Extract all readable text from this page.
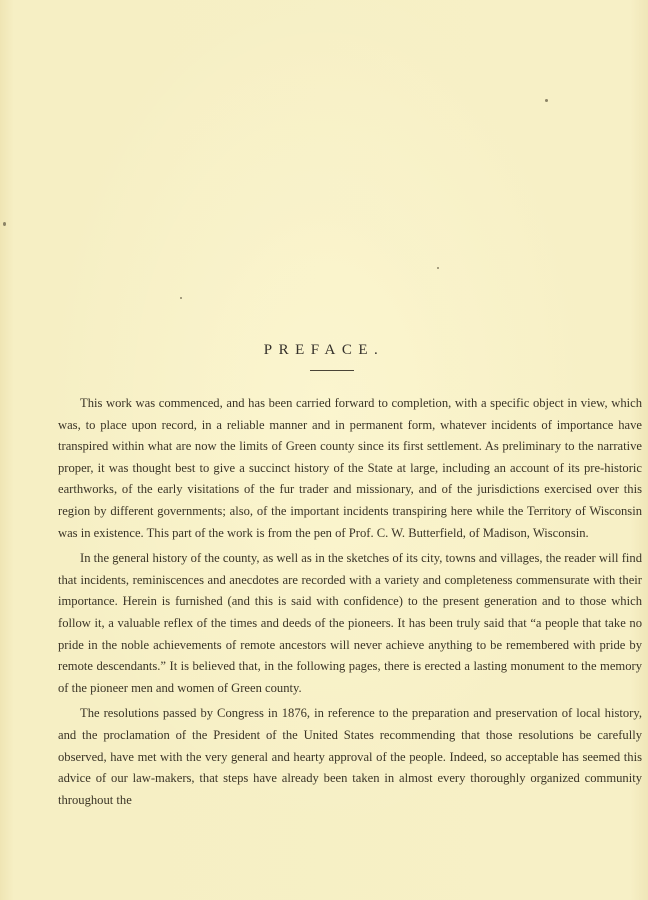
PREFACE.

This work was commenced, and has been carried forward to completion, with a specific object in view, which was, to place upon record, in a reliable manner and in permanent form, whatever incidents of importance have transpired within what are now the limits of Green county since its first settlement. As preliminary to the narrative proper, it was thought best to give a succinct history of the State at large, including an account of its pre-historic earthworks, of the early visitations of the fur trader and missionary, and of the jurisdictions exercised over this region by different governments; also, of the important incidents transpiring here while the Territory of Wisconsin was in existence. This part of the work is from the pen of Prof. C. W. Butterfield, of Madison, Wisconsin.

In the general history of the county, as well as in the sketches of its city, towns and villages, the reader will find that incidents, reminiscences and anecdotes are recorded with a variety and completeness commensurate with their importance. Herein is furnished (and this is said with confidence) to the present generation and to those which follow it, a valuable reflex of the times and deeds of the pioneers. It has been truly said that “a people that take no pride in the noble achievements of remote ancestors will never achieve anything to be remembered with pride by remote descendants.” It is believed that, in the following pages, there is erected a lasting monument to the memory of the pioneer men and women of Green county.

The resolutions passed by Congress in 1876, in reference to the preparation and preservation of local history, and the proclamation of the President of the United States recommending that those resolutions be carefully observed, have met with the very general and hearty approval of the people. Indeed, so acceptable has seemed this advice of our law-makers, that steps have already been taken in almost every thoroughly organized community throughout the
